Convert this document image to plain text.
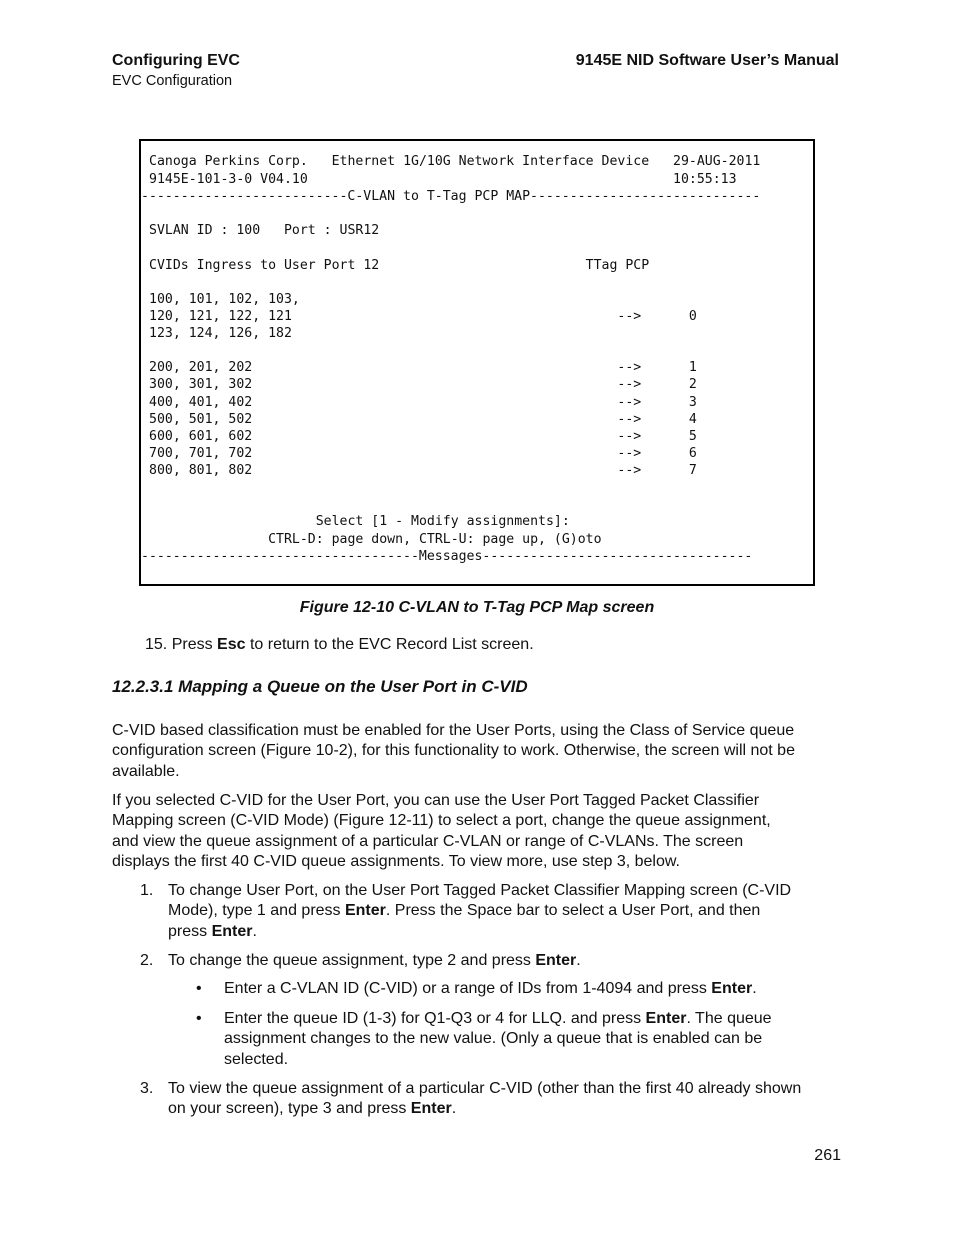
Configuring EVC
EVC Configuration
9145E NID Software User’s Manual
Canoga Perkins Corp.   Ethernet 1G/10G Network Interface Device   29-AUG-2011
9145E-101-3-0 V04.10                                              10:55:13
--------------------------C-VLAN to T-Tag PCP MAP-----------------------------
SVLAN ID : 100   Port : USR12
CVIDs Ingress to User Port 12                          TTag PCP
100, 101, 102, 103,
120, 121, 122, 121                                         -->      0
123, 124, 126, 182
200, 201, 202                                              -->      1
300, 301, 302                                              -->      2
400, 401, 402                                              -->      3
500, 501, 502                                              -->      4
600, 601, 602                                              -->      5
700, 701, 702                                              -->      6
800, 801, 802                                              -->      7
Select [1 - Modify assignments]:
CTRL-D: page down, CTRL-U: page up, (G)oto
-----------------------------------Messages----------------------------------
Figure 12-10 C-VLAN to T-Tag PCP Map screen
15. Press Esc to return to the EVC Record List screen.
12.2.3.1 Mapping a Queue on the User Port in C-VID
C-VID based classification must be enabled for the User Ports, using the Class of Service queue
configuration screen (Figure 10-2), for this functionality to work. Otherwise, the screen will not be
available.
If you selected C-VID for the User Port, you can use the User Port Tagged Packet Classifier
Mapping screen (C-VID Mode) (Figure 12-11) to select a port, change the queue assignment,
and view the queue assignment of a particular C-VLAN or range of C-VLANs. The screen
displays the first 40 C-VID queue assignments. To view more, use step 3, below.
1. To change User Port, on the User Port Tagged Packet Classifier Mapping screen (C-VID
Mode), type 1 and press Enter. Press the Space bar to select a User Port, and then
press Enter.
2. To change the queue assignment, type 2 and press Enter.
• Enter a C-VLAN ID (C-VID) or a range of IDs from 1-4094 and press Enter.
• Enter the queue ID (1-3) for Q1-Q3 or 4 for LLQ. and press Enter. The queue
assignment changes to the new value. (Only a queue that is enabled can be
selected.
3. To view the queue assignment of a particular C-VID (other than the first 40 already shown
on your screen), type 3 and press Enter.
261
